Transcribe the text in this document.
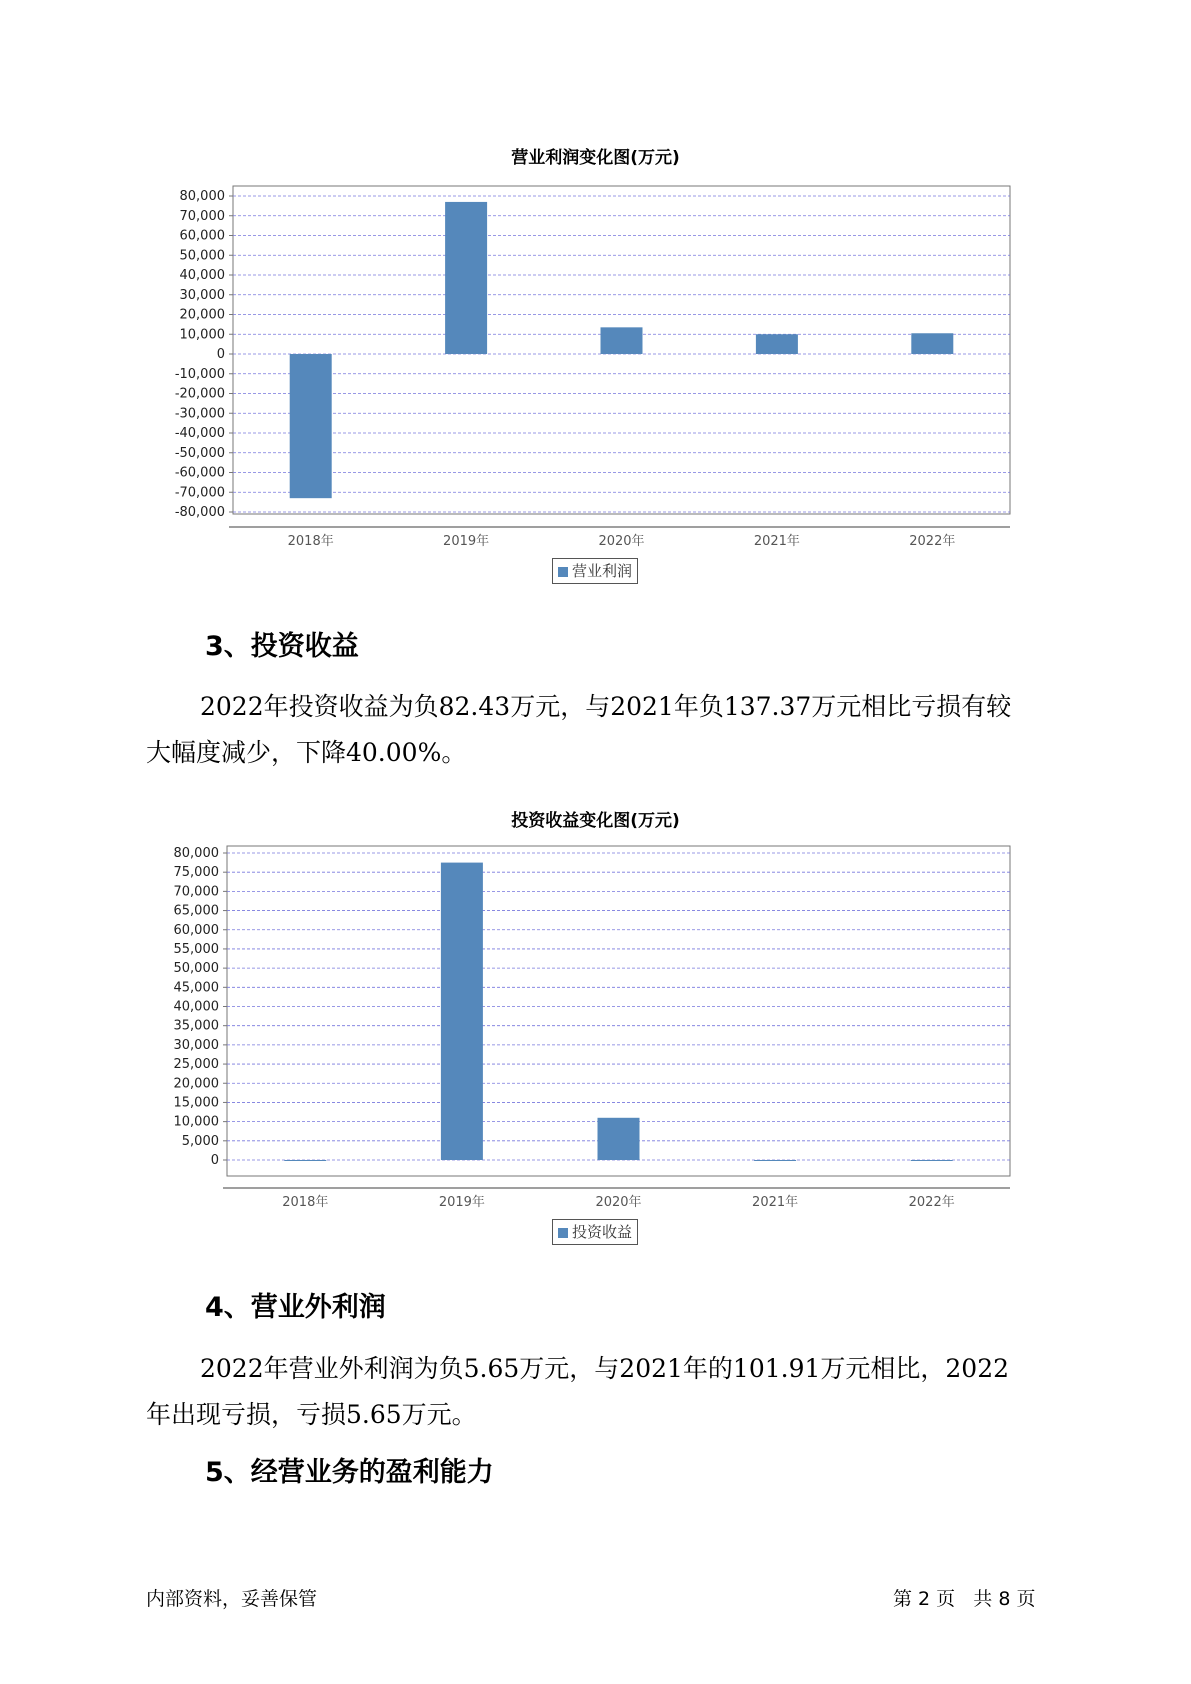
营业利润变化图(万元)
80,000
70,000
60,000
50,000
40,000
30,000
20,000
10,000
0
-10,000
-20,000
-30,000
-40,000
-50,000
-60,000
-70,000
-80,000
2018年	2019年	2020年	2021年	2022年
营业利润
3、投资收益
2022年投资收益为负82.43万元，与2021年负137.37万元相比亏损有较
大幅度减少，下降40.00%。
投资收益变化图(万元)
80,000
75,000
70,000
65,000
60,000
55,000
50,000
45,000
40,000
35,000
30,000
25,000
20,000
15,000
10,000
5,000
0
2018年	2019年	2020年	2021年	2022年
投资收益
4、营业外利润
2022年营业外利润为负5.65万元，与2021年的101.91万元相比，2022
年出现亏损，亏损5.65万元。
5、经营业务的盈利能力
内部资料，妥善保管	第 2 页   共 8 页
